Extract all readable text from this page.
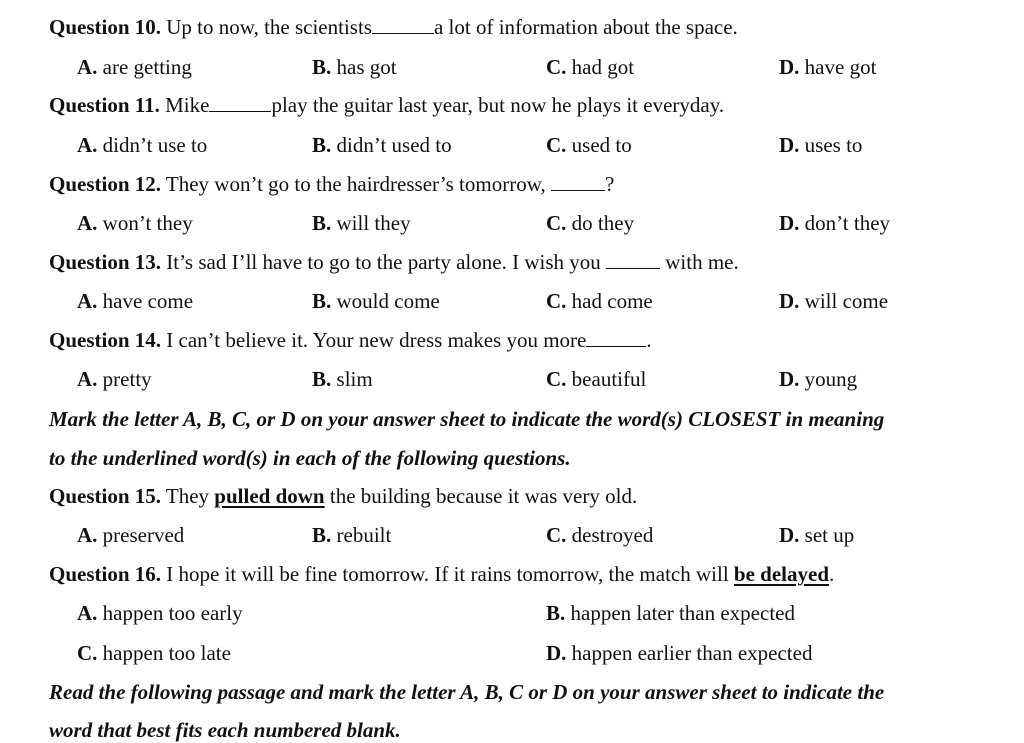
Question 10. Up to now, the scientists	a lot of information about the space.
A. are getting	B. has got	C. had got	D. have got
Question 11. Mike	play the guitar last year, but now he plays it everyday.
A. didn’t use to	B. didn’t used to	C. used to	D. uses to
Question 12. They won’t go to the hairdresser’s tomorrow,	?
A. won’t they	B. will they	C. do they	D. don’t they
Question 13. It’s sad I’ll have to go to the party alone. I wish you	with me.
A. have come	B. would come	C. had come	D. will come
Question 14. I can’t believe it. Your new dress makes you more	.
A. pretty	B. slim	C. beautiful	D. young
Mark the letter A, B, C, or D on your answer sheet to indicate the word(s) CLOSEST in meaning
to the underlined word(s) in each of the following questions.
Question 15. They pulled down the building because it was very old.
A. preserved	B. rebuilt	C. destroyed	D. set up
Question 16. I hope it will be fine tomorrow. If it rains tomorrow, the match will be delayed.
A. happen too early	B. happen later than expected
C. happen too late	D. happen earlier than expected
Read the following passage and mark the letter A, B, C or D on your answer sheet to indicate the
word that best fits each numbered blank.
